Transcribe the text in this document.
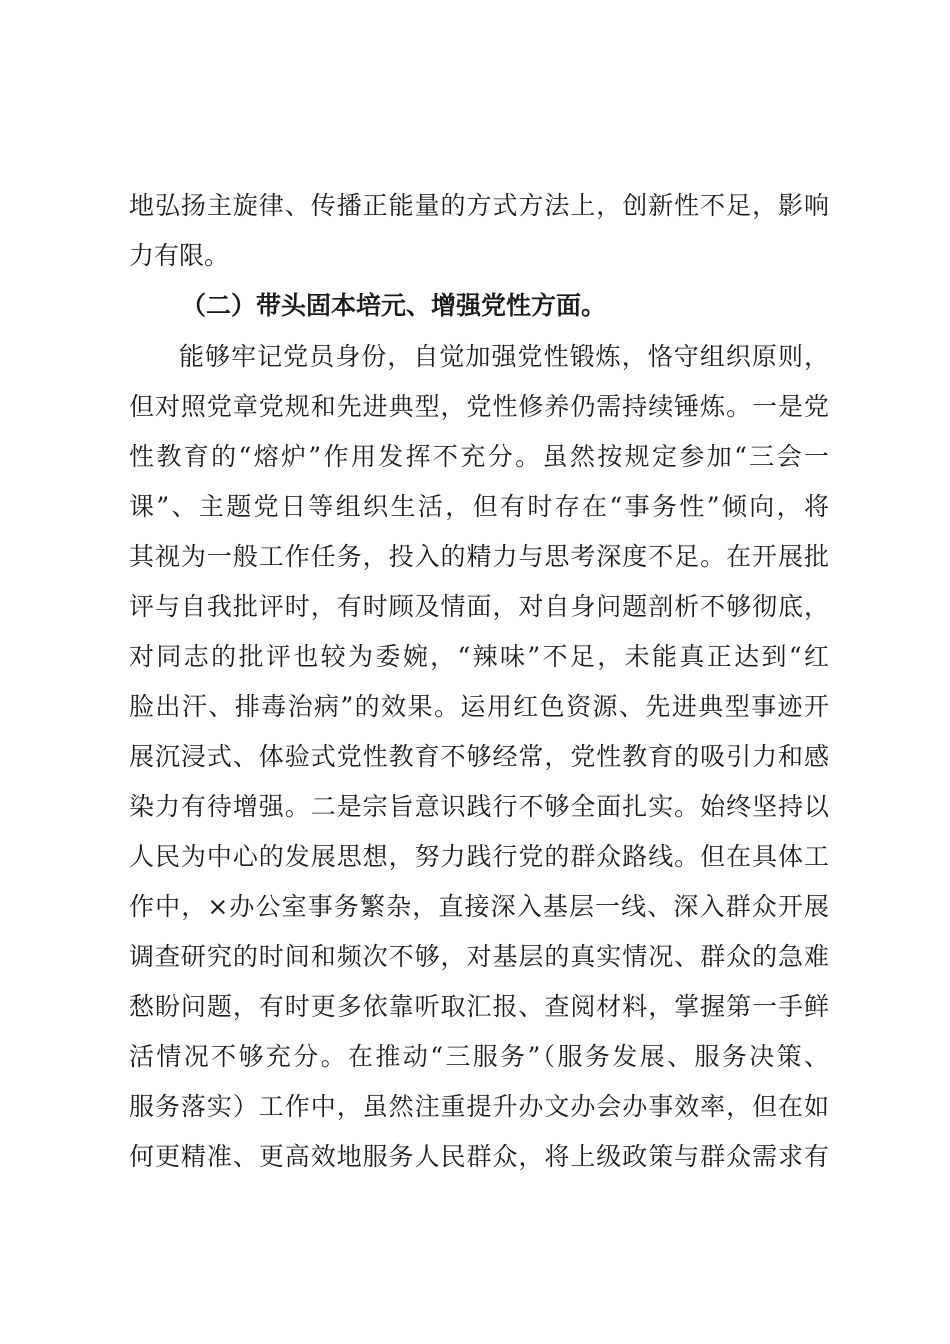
地弘扬主旋律、传播正能量的方式方法上，创新性不足，影响
力有限。
（二）带头固本培元、增强党性方面。
能够牢记党员身份，自觉加强党性锻炼，恪守组织原则，
但对照党章党规和先进典型，党性修养仍需持续锤炼。一是党
性教育的“熔炉”作用发挥不充分。虽然按规定参加“三会一
课”、主题党日等组织生活，但有时存在“事务性”倾向，将
其视为一般工作任务，投入的精力与思考深度不足。在开展批
评与自我批评时，有时顾及情面，对自身问题剖析不够彻底，
对同志的批评也较为委婉，“辣味”不足，未能真正达到“红
脸出汗、排毒治病”的效果。运用红色资源、先进典型事迹开
展沉浸式、体验式党性教育不够经常，党性教育的吸引力和感
染力有待增强。二是宗旨意识践行不够全面扎实。始终坚持以
人民为中心的发展思想，努力践行党的群众路线。但在具体工
作中，×办公室事务繁杂，直接深入基层一线、深入群众开展
调查研究的时间和频次不够，对基层的真实情况、群众的急难
愁盼问题，有时更多依靠听取汇报、查阅材料，掌握第一手鲜
活情况不够充分。在推动“三服务”（服务发展、服务决策、
服务落实）工作中，虽然注重提升办文办会办事效率，但在如
何更精准、更高效地服务人民群众，将上级政策与群众需求有
